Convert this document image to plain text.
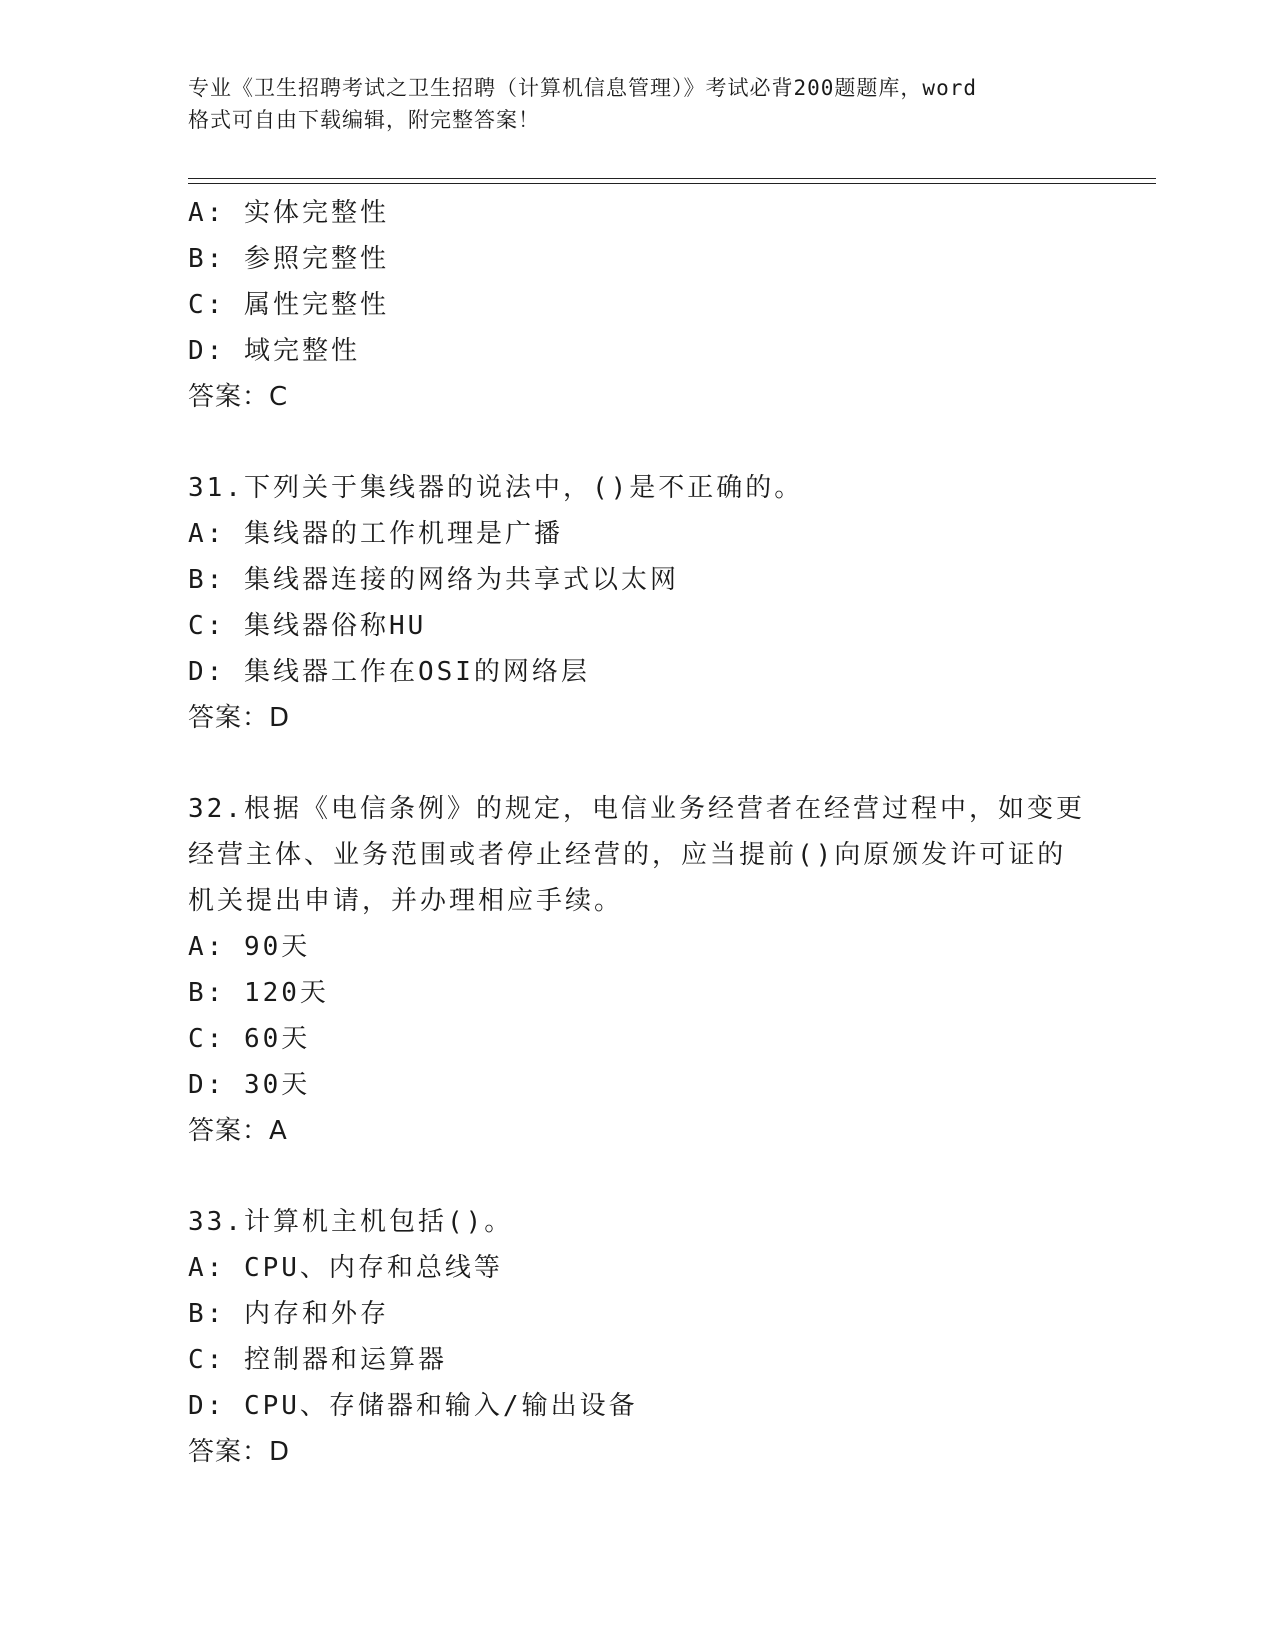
专业《卫生招聘考试之卫生招聘（计算机信息管理）》考试必背200题题库，word
格式可自由下载编辑，附完整答案！
A: 实体完整性
B: 参照完整性
C: 属性完整性
D: 域完整性
答案：C
31.下列关于集线器的说法中，()是不正确的。
A: 集线器的工作机理是广播
B: 集线器连接的网络为共享式以太网
C: 集线器俗称HU
D: 集线器工作在OSI的网络层
答案：D
32.根据《电信条例》的规定，电信业务经营者在经营过程中，如变更
经营主体、业务范围或者停止经营的，应当提前()向原颁发许可证的
机关提出申请，并办理相应手续。
A: 90天
B: 120天
C: 60天
D: 30天
答案：A
33.计算机主机包括()。
A: CPU、内存和总线等
B: 内存和外存
C: 控制器和运算器
D: CPU、存储器和输入/输出设备
答案：D
